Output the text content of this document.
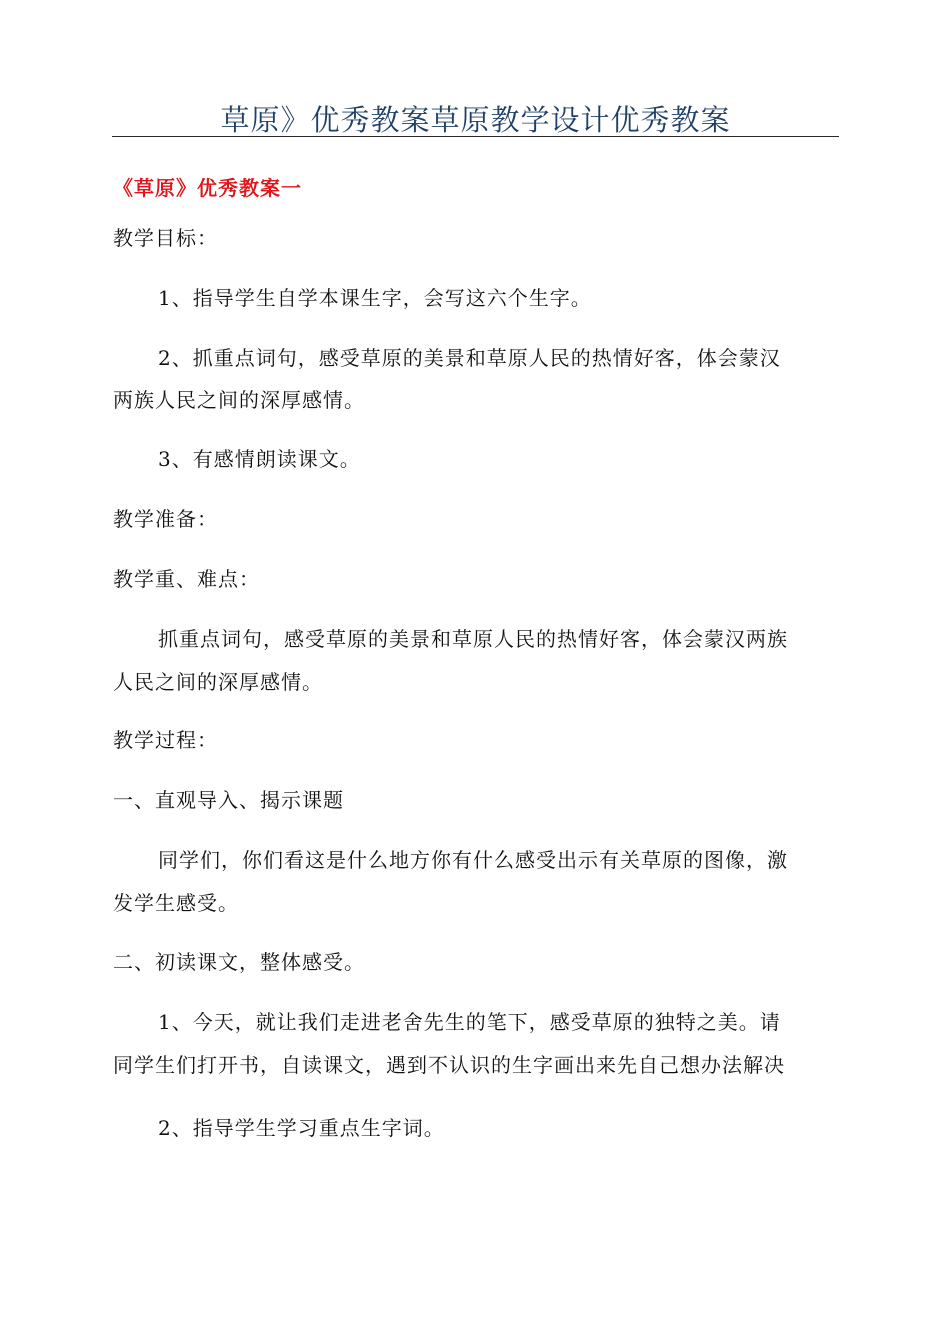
草原》优秀教案草原教学设计优秀教案
《草原》优秀教案一
教学目标：
1、指导学生自学本课生字，会写这六个生字。
2、抓重点词句，感受草原的美景和草原人民的热情好客，体会蒙汉
两族人民之间的深厚感情。
3、有感情朗读课文。
教学准备：
教学重、难点：
抓重点词句，感受草原的美景和草原人民的热情好客，体会蒙汉两族
人民之间的深厚感情。
教学过程：
一、直观导入、揭示课题
同学们，你们看这是什么地方你有什么感受出示有关草原的图像，激
发学生感受。
二、初读课文，整体感受。
1、今天，就让我们走进老舍先生的笔下，感受草原的独特之美。请
同学生们打开书，自读课文，遇到不认识的生字画出来先自己想办法解决
2、指导学生学习重点生字词。
